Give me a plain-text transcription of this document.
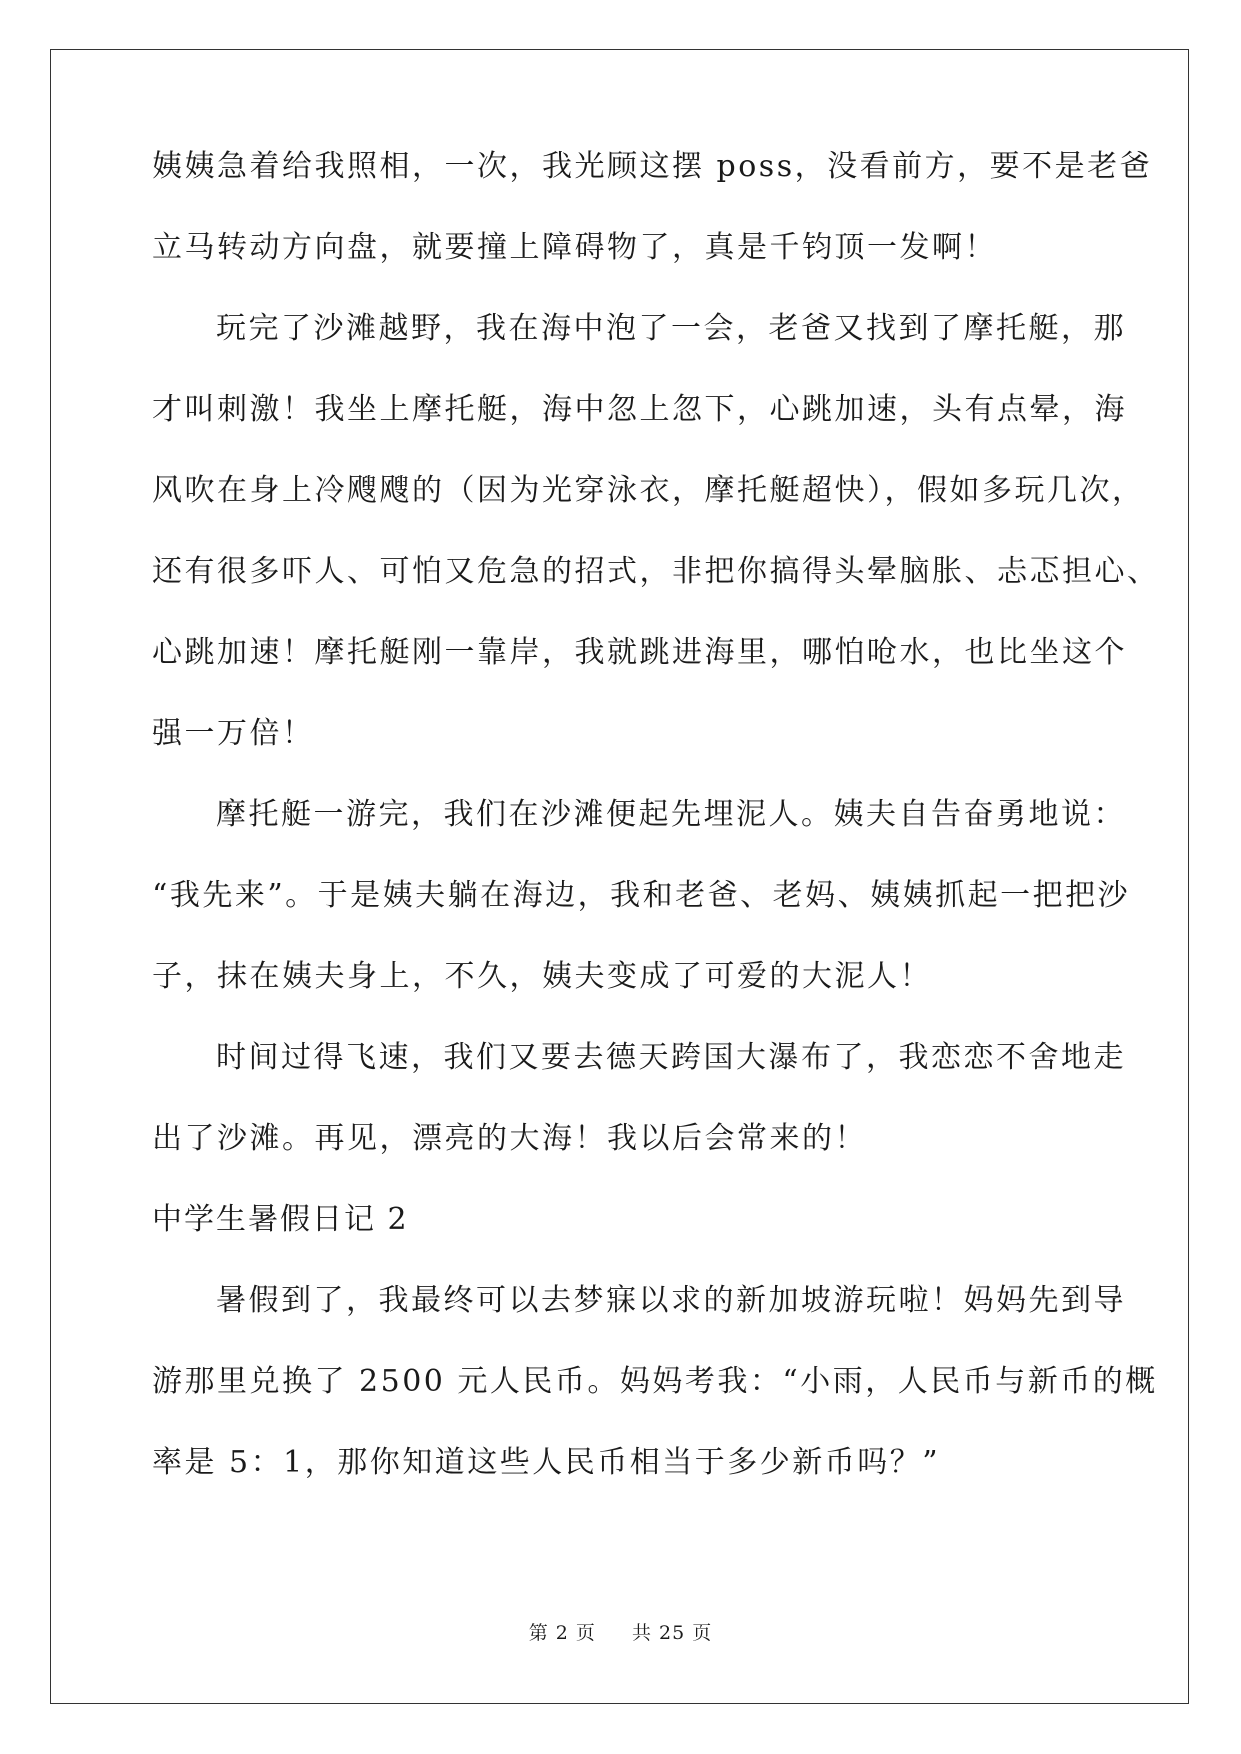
姨姨急着给我照相，一次，我光顾这摆 poss，没看前方，要不是老爸

立马转动方向盘，就要撞上障碍物了，真是千钧顶一发啊！

玩完了沙滩越野，我在海中泡了一会，老爸又找到了摩托艇，那

才叫刺激！我坐上摩托艇，海中忽上忽下，心跳加速，头有点晕，海

风吹在身上冷飕飕的（因为光穿泳衣，摩托艇超快），假如多玩几次，

还有很多吓人、可怕又危急的招式，非把你搞得头晕脑胀、忐忑担心、

心跳加速！摩托艇刚一靠岸，我就跳进海里，哪怕呛水，也比坐这个

强一万倍！

摩托艇一游完，我们在沙滩便起先埋泥人。姨夫自告奋勇地说：

“我先来”。于是姨夫躺在海边，我和老爸、老妈、姨姨抓起一把把沙

子，抹在姨夫身上，不久，姨夫变成了可爱的大泥人！

时间过得飞速，我们又要去德天跨国大瀑布了，我恋恋不舍地走

出了沙滩。再见，漂亮的大海！我以后会常来的！

中学生暑假日记 2

暑假到了，我最终可以去梦寐以求的新加坡游玩啦！妈妈先到导

游那里兑换了 2500 元人民币。妈妈考我：“小雨，人民币与新币的概

率是 5：1，那你知道这些人民币相当于多少新币吗？”

第 2 页 共 25 页
